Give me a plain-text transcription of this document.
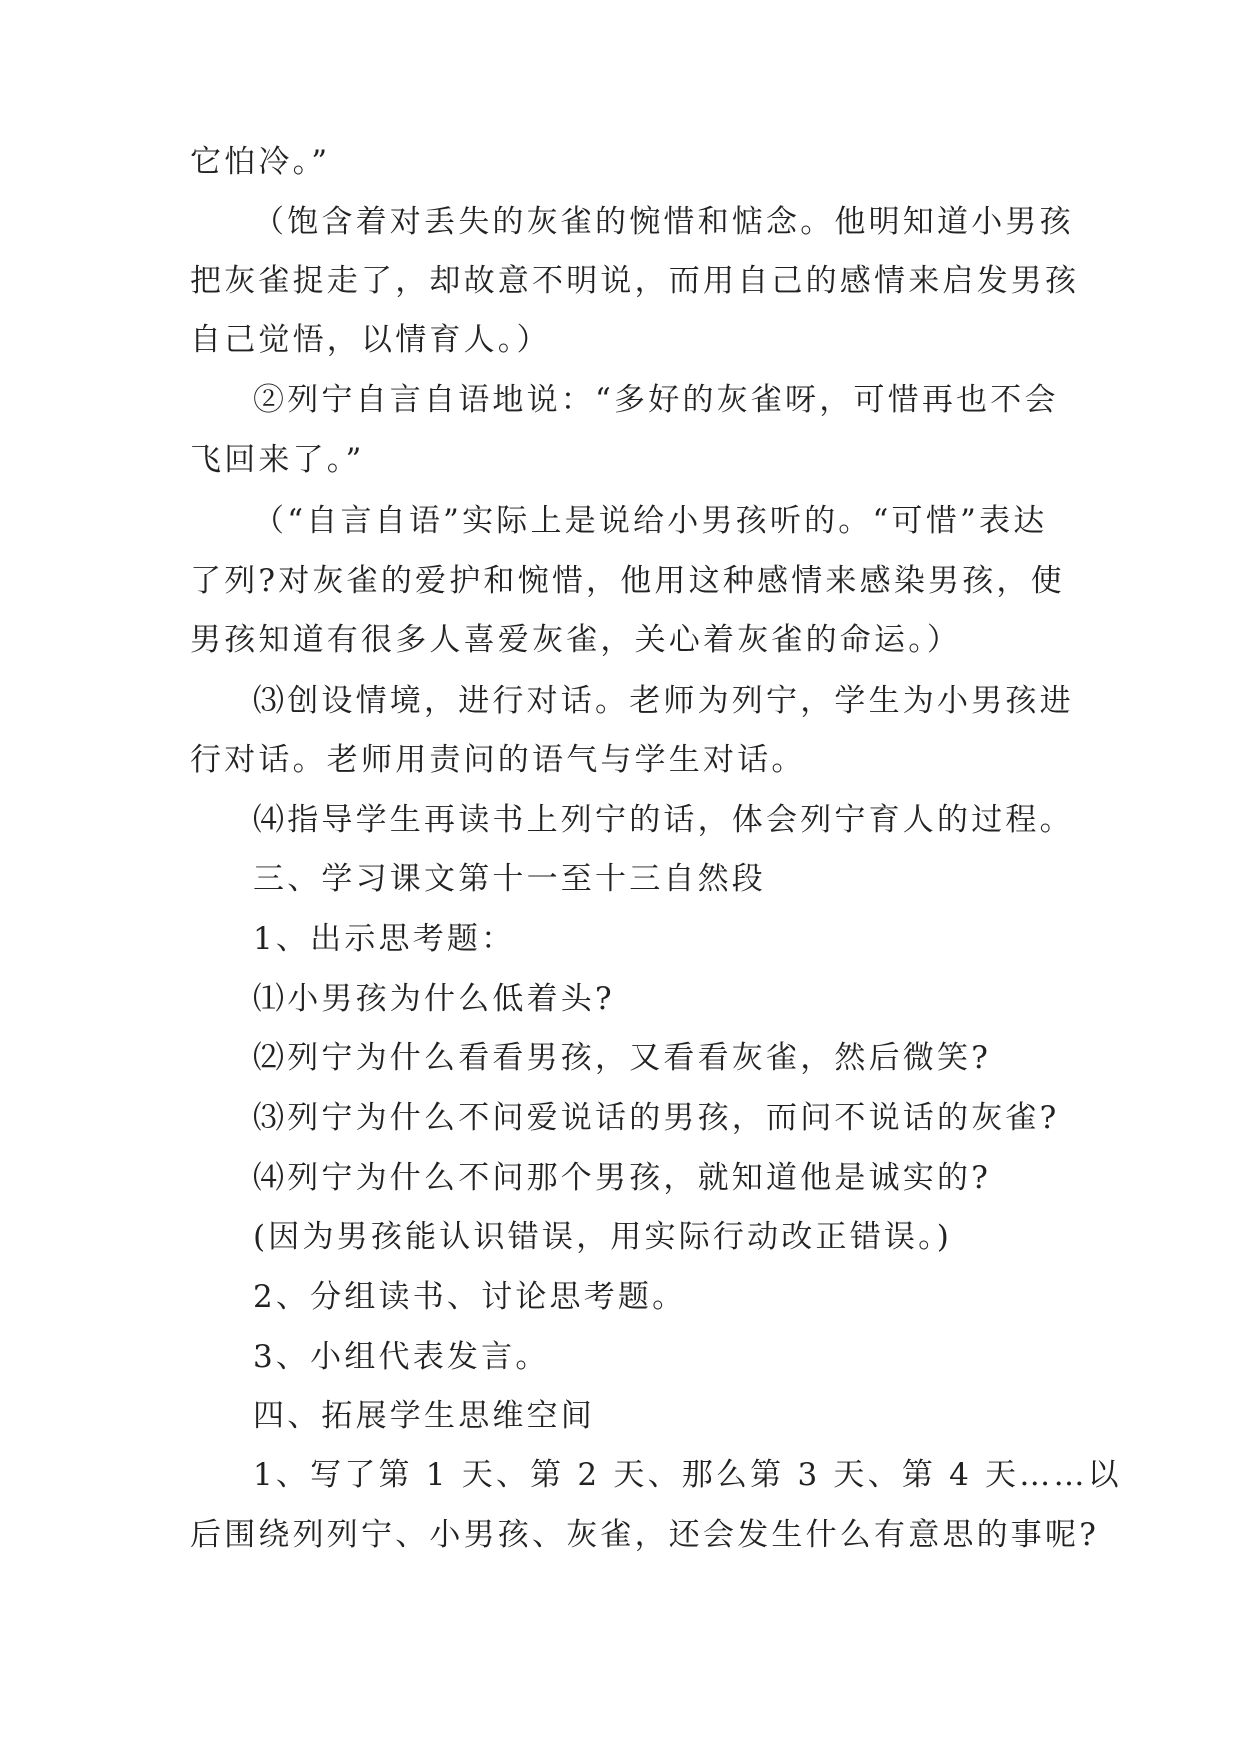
它怕冷。”
（饱含着对丢失的灰雀的惋惜和惦念。他明知道小男孩
把灰雀捉走了，却故意不明说，而用自己的感情来启发男孩
自己觉悟，以情育人。）
②列宁自言自语地说：“多好的灰雀呀，可惜再也不会
飞回来了。”
（“自言自语”实际上是说给小男孩听的。“可惜”表达
了列?对灰雀的爱护和惋惜，他用这种感情来感染男孩，使
男孩知道有很多人喜爱灰雀，关心着灰雀的命运。）
⑶创设情境，进行对话。老师为列宁，学生为小男孩进
行对话。老师用责问的语气与学生对话。
⑷指导学生再读书上列宁的话，体会列宁育人的过程。
三、学习课文第十一至十三自然段
1、出示思考题：
⑴小男孩为什么低着头?
⑵列宁为什么看看男孩，又看看灰雀，然后微笑?
⑶列宁为什么不问爱说话的男孩，而问不说话的灰雀?
⑷列宁为什么不问那个男孩，就知道他是诚实的?
(因为男孩能认识错误，用实际行动改正错误。)
2、分组读书、讨论思考题。
3、小组代表发言。
四、拓展学生思维空间
1、写了第 1 天、第 2 天、那么第 3 天、第 4 天……以
后围绕列列宁、小男孩、灰雀，还会发生什么有意思的事呢?
